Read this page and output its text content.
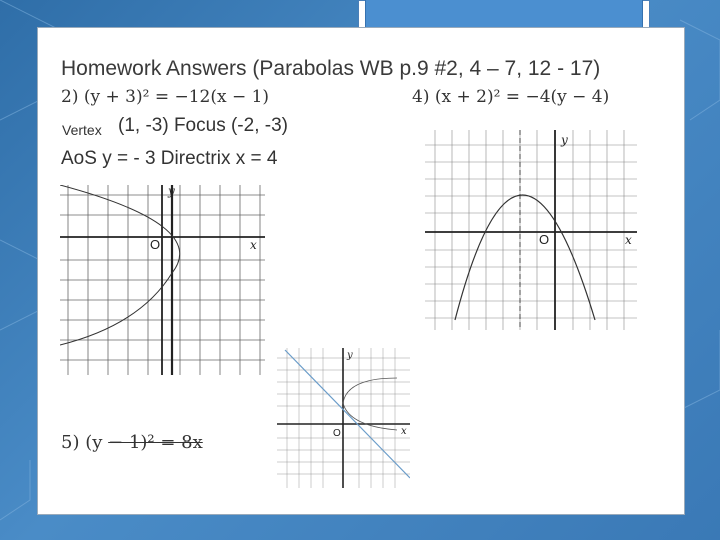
Homework Answers (Parabolas WB p.9 #2, 4 – 7, 12 - 17)
2) (y + 3)² = −12(x − 1)	4) (x + 2)² = −4(y − 4)
Vertex (1, -3) Focus (-2, -3)
AoS y = - 3 Directrix x = 4
5) (y − 1)² = 8x
O	x
y
O	x
y
O	x
y
